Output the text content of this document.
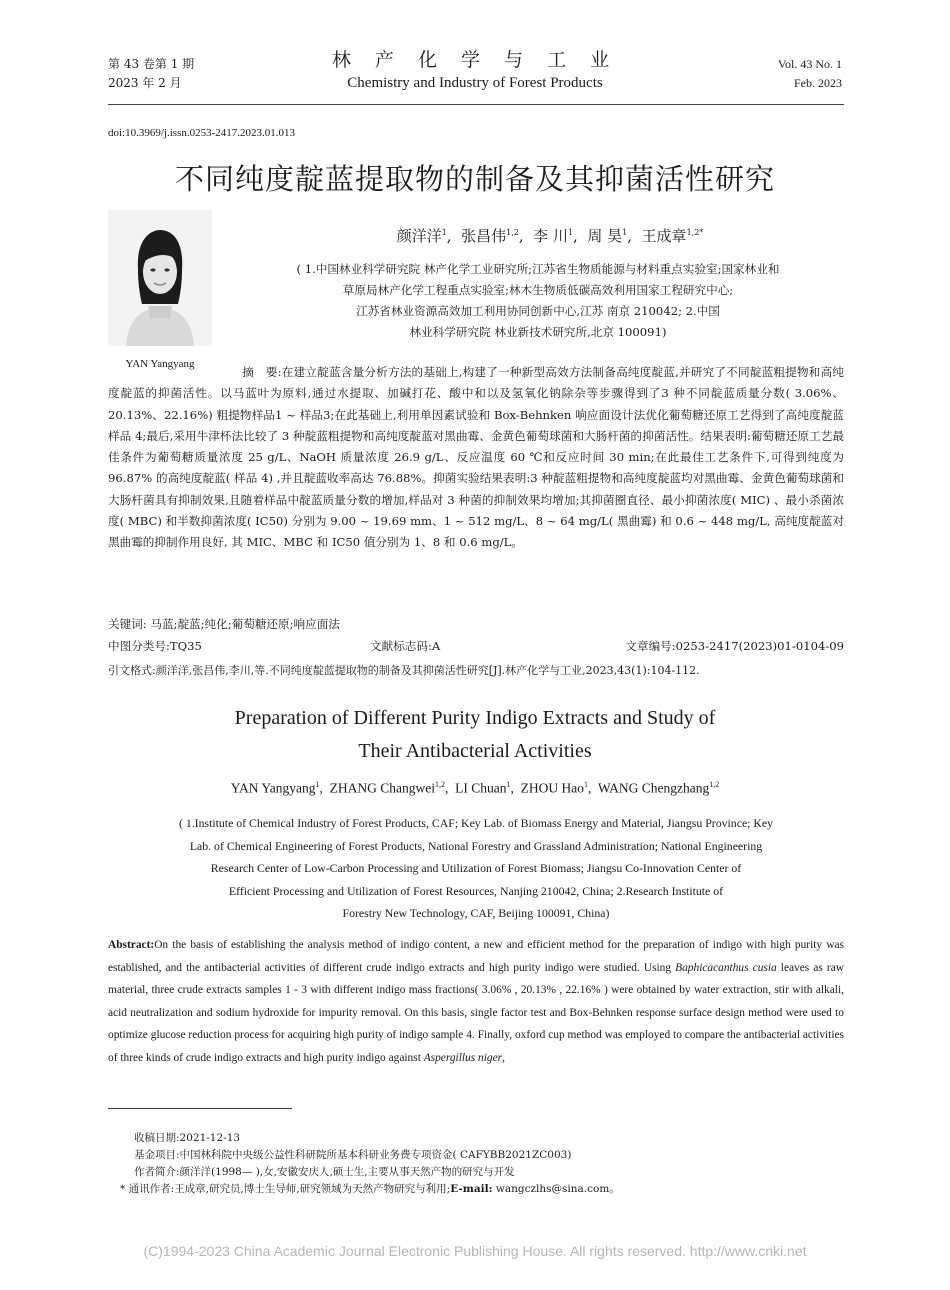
第 43 卷第 1 期
2023 年 2 月
林 产 化 学 与 工 业
Chemistry and Industry of Forest Products
Vol. 43 No. 1
Feb. 2023
doi:10.3969/j.issn.0253-2417.2023.01.013
不同纯度靛蓝提取物的制备及其抑菌活性研究
YAN Yangyang
颜洋洋$^1$,  张昌伟$^{1,2}$,  李 川$^1$,  周 昊$^1$,  王成章$^{1,2*}$
( 1.中国林业科学研究院 林产化学工业研究所;江苏省生物质能源与材料重点实验室;国家林业和
草原局林产化学工程重点实验室;林木生物质低碳高效利用国家工程研究中心;
江苏省林业资源高效加工利用协同创新中心,江苏 南京 210042; 2.中国
林业科学研究院 林业新技术研究所,北京 100091)
摘　要:在建立靛蓝含量分析方法的基础上,构建了一种新型高效方法制备高纯度靛蓝,并研究了不同靛蓝粗提物和高纯度靛蓝的抑菌活性。以马蓝叶为原料,通过水提取、加碱打花、酸中和以及氢氧化钠除杂等步骤得到了3 种不同靛蓝质量分数( 3.06%、20.13%、22.16%) 粗提物样品1 ~ 样品3;在此基础上,利用单因素试验和 Box-Behnken 响应面设计法优化葡萄糖还原工艺得到了高纯度靛蓝样品 4;最后,采用牛津杯法比较了 3 种靛蓝粗提物和高纯度靛蓝对黑曲霉、金黄色葡萄球菌和大肠杆菌的抑菌活性。结果表明:葡萄糖还原工艺最佳条件为葡萄糖质量浓度 25 g/L、NaOH 质量浓度 26.9 g/L、反应温度 60 ℃和反应时间 30 min;在此最佳工艺条件下,可得到纯度为 96.87% 的高纯度靛蓝( 样品 4) ,并且靛蓝收率高达 76.88%。抑菌实验结果表明:3 种靛蓝粗提物和高纯度靛蓝均对黑曲霉、金黄色葡萄球菌和大肠杆菌具有抑制效果,且随着样品中靛蓝质量分数的增加,样品对 3 种菌的抑制效果均增加;其抑菌圈直径、最小抑菌浓度( MIC) 、最小杀菌浓度( MBC) 和半数抑菌浓度( IC50) 分别为 9.00 ~ 19.69 mm、1 ~ 512 mg/L、8 ~ 64 mg/L( 黑曲霉) 和 0.6 ~ 448 mg/L, 高纯度靛蓝对黑曲霉的抑制作用良好, 其 MIC、MBC 和 IC50 值分别为 1、8 和 0.6 mg/L。
关键词: 马蓝;靛蓝;纯化;葡萄糖还原;响应面法
中图分类号:TQ35	文献标志码:A	文章编号:0253-2417(2023)01-0104-09
引文格式:颜洋洋,张昌伟,李川,等.不同纯度靛蓝提取物的制备及其抑菌活性研究[J].林产化学与工业,2023,43(1):104-112.
Preparation of Different Purity Indigo Extracts and Study of
Their Antibacterial Activities
YAN Yangyang$^1$,  ZHANG Changwei$^{1,2}$,  LI Chuan$^1$,  ZHOU Hao$^1$,  WANG Chengzhang$^{1,2}$
( 1.Institute of Chemical Industry of Forest Products, CAF; Key Lab. of Biomass Energy and Material, Jiangsu Province; Key
Lab. of Chemical Engineering of Forest Products, National Forestry and Grassland Administration; National Engineering
Research Center of Low-Carbon Processing and Utilization of Forest Biomass; Jiangsu Co-Innovation Center of
Efficient Processing and Utilization of Forest Resources, Nanjing 210042, China; 2.Research Institute of
Forestry New Technology, CAF, Beijing 100091, China)
Abstract:On the basis of establishing the analysis method of indigo content, a new and efficient method for the preparation of indigo with high purity was established, and the antibacterial activities of different crude indigo extracts and high purity indigo were studied. Using Baphicacanthus cusia leaves as raw material, three crude extracts samples 1 - 3 with different indigo mass fractions( 3.06% , 20.13% , 22.16% ) were obtained by water extraction, stir with alkali, acid neutralization and sodium hydroxide for impurity removal. On this basis, single factor test and Box-Behnken response surface design method were used to optimize glucose reduction process for acquiring high purity of indigo sample 4. Finally, oxford cup method was employed to compare the antibacterial activities of three kinds of crude indigo extracts and high purity indigo against Aspergillus niger,
收稿日期:2021-12-13
基金项目:中国林科院中央级公益性科研院所基本科研业务费专项资金( CAFYBB2021ZC003)
作者简介:颜洋洋(1998— ),女,安徽安庆人,硕士生,主要从事天然产物的研究与开发
* 通讯作者:王成章,研究员,博士生导师,研究领域为天然产物研究与利用;E-mail: wangczlhs@sina.com。
(C)1994-2023 China Academic Journal Electronic Publishing House. All rights reserved. http://www.cnki.net
